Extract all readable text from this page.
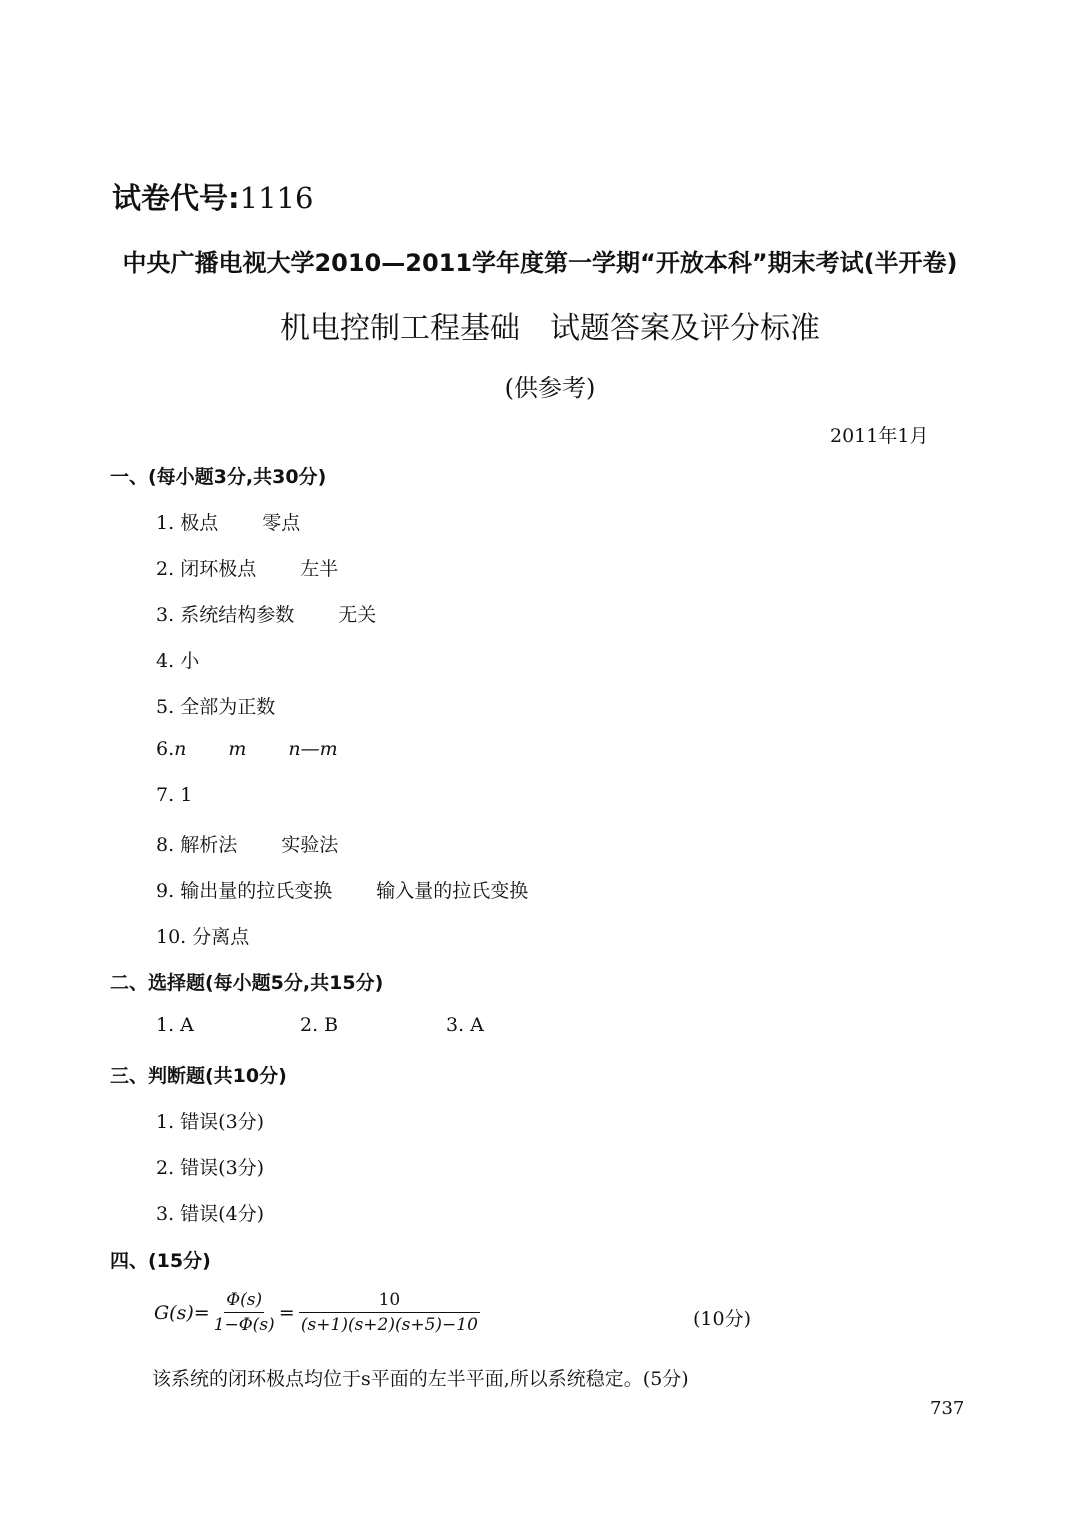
试卷代号:1116
中央广播电视大学2010—2011学年度第一学期“开放本科”期末考试(半开卷)
机电控制工程基础　试题答案及评分标准
(供参考)
2011年1月
一、(每小题3分,共30分)
1. 极点 零点
2. 闭环极点 左半
3. 系统结构参数 无关
4. 小
5. 全部为正数
6.n m n—m
7. 1
8. 解析法 实验法
9. 输出量的拉氏变换 输入量的拉氏变换
10. 分离点
二、选择题(每小题5分,共15分)
1. A	2. B	3. A
三、判断题(共10分)
1. 错误(3分)
2. 错误(3分)
3. 错误(4分)
四、(15分)
$G(s)= \frac{\Phi(s)}{1-\Phi(s)} = \frac{10}{(s+1)(s+2)(s+5)-10}$	(10分)
该系统的闭环极点均位于s平面的左半平面,所以系统稳定。(5分)
737
